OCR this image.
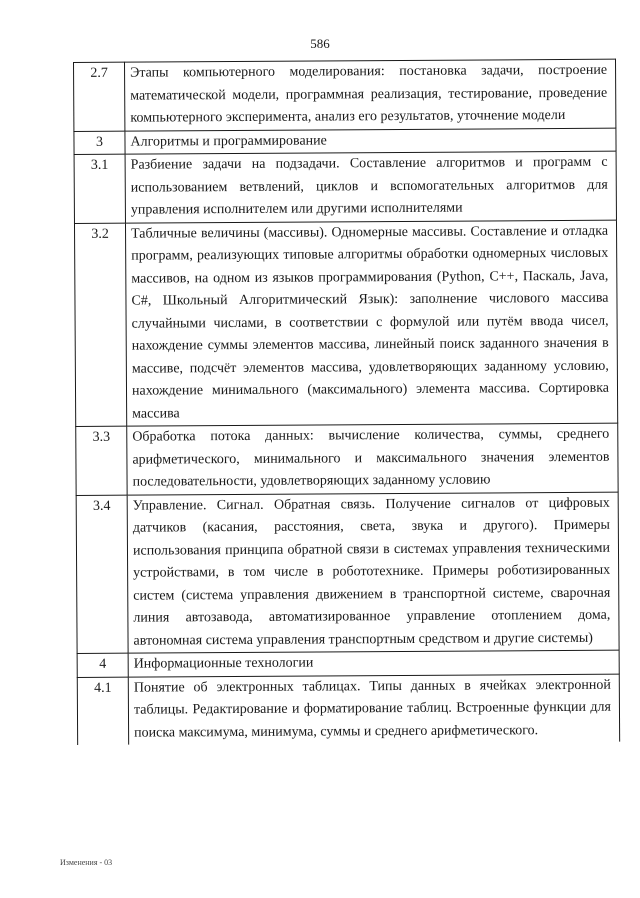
586
2.7	Этапы компьютерного моделирования: постановка задачи, построение математической модели, программная реализация, тестирование, проведение компьютерного эксперимента, анализ его результатов, уточнение модели
3	Алгоритмы и программирование
3.1	Разбиение задачи на подзадачи. Составление алгоритмов и программ с использованием ветвлений, циклов и вспомогательных алгоритмов для управления исполнителем или другими исполнителями
3.2	Табличные величины (массивы). Одномерные массивы. Составление и отладка программ, реализующих типовые алгоритмы обработки одномерных числовых массивов, на одном из языков программирования (Python, C++, Паскаль, Java, C#, Школьный Алгоритмический Язык): заполнение числового массива случайными числами, в соответствии с формулой или путём ввода чисел, нахождение суммы элементов массива, линейный поиск заданного значения в массиве, подсчёт элементов массива, удовлетворяющих заданному условию, нахождение минимального (максимального) элемента массива. Сортировка массива
3.3	Обработка потока данных: вычисление количества, суммы, среднего арифметического, минимального и максимального значения элементов последовательности, удовлетворяющих заданному условию
3.4	Управление. Сигнал. Обратная связь. Получение сигналов от цифровых датчиков (касания, расстояния, света, звука и другого). Примеры использования принципа обратной связи в системах управления техническими устройствами, в том числе в робототехнике. Примеры роботизированных систем (система управления движением в транспортной системе, сварочная линия автозавода, автоматизированное управление отоплением дома, автономная система управления транспортным средством и другие системы)
4	Информационные технологии
4.1	Понятие об электронных таблицах. Типы данных в ячейках электронной таблицы. Редактирование и форматирование таблиц. Встроенные функции для поиска максимума, минимума, суммы и среднего арифметического.
Изменения - 03
